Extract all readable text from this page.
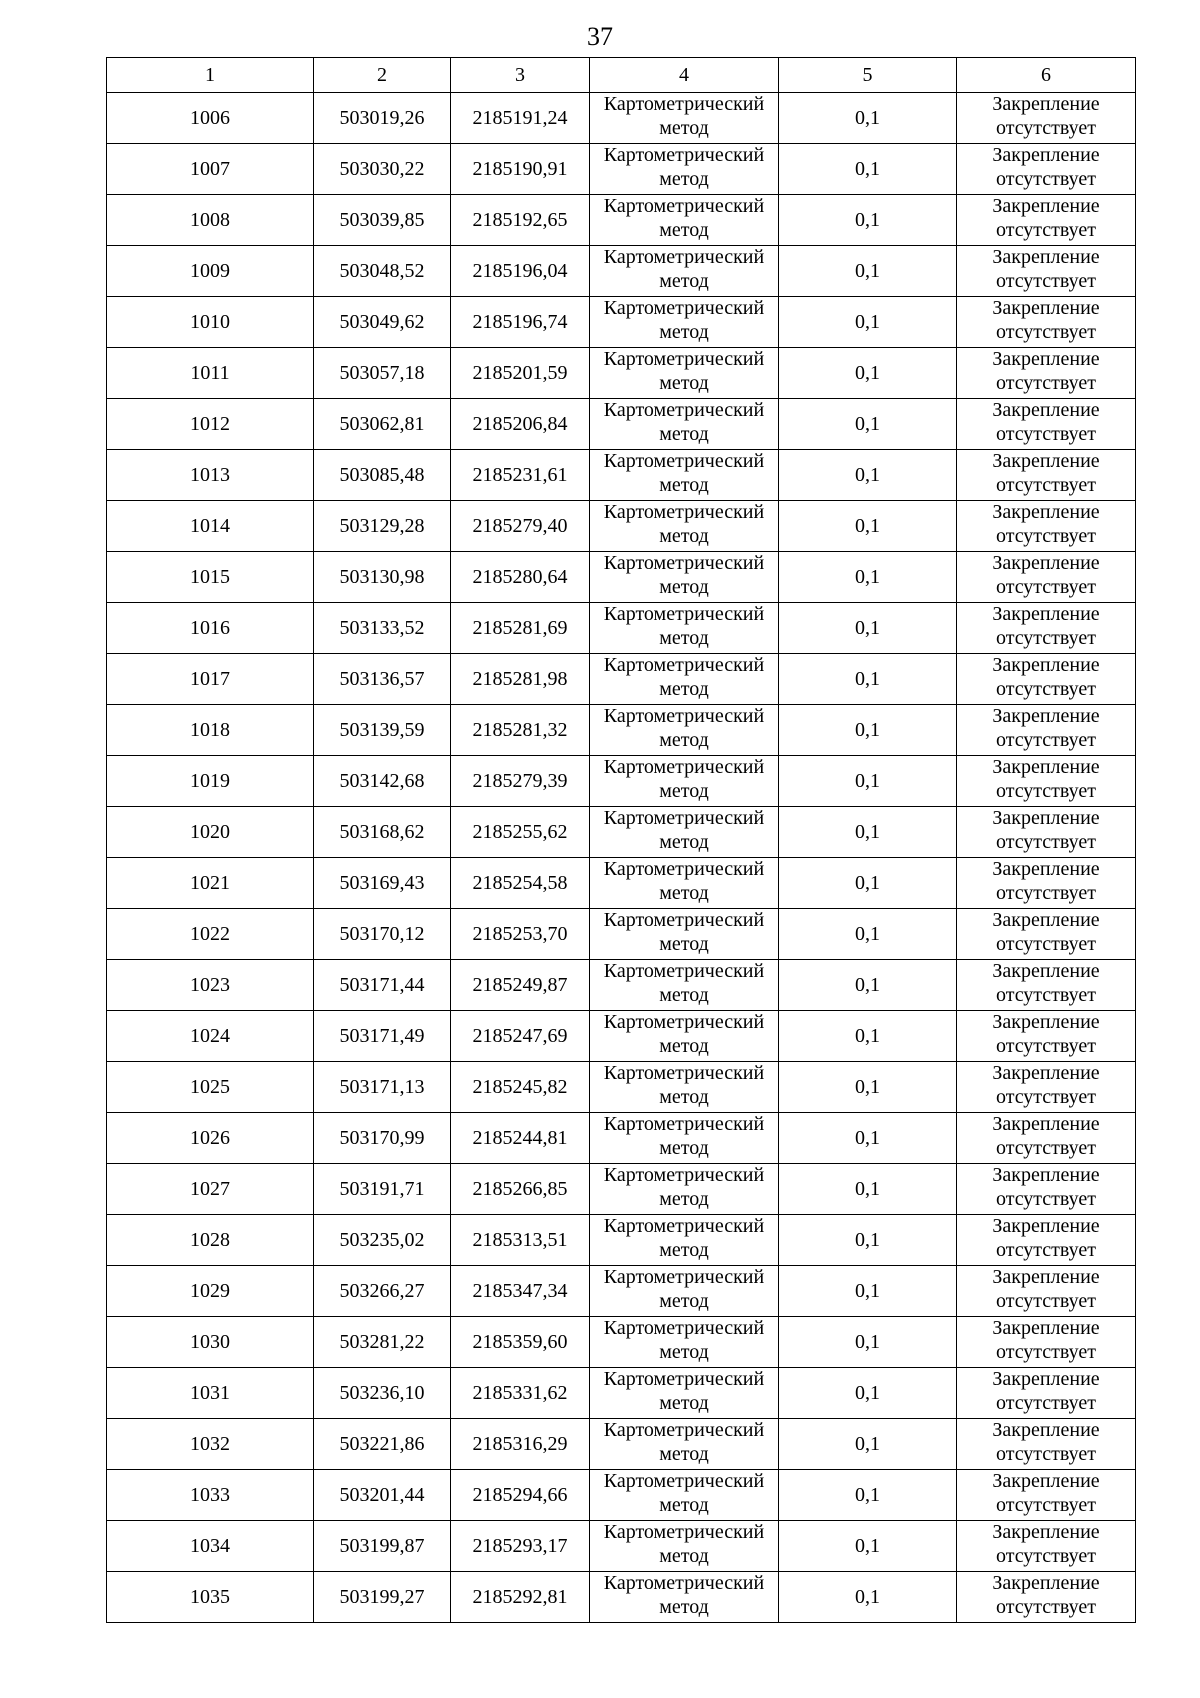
37
1	2	3	4	5	6
1006	503019,26	2185191,24	Картометрический
метод	0,1	Закрепление
отсутствует

1007	503030,22	2185190,91	Картометрический
метод	0,1	Закрепление
отсутствует

1008	503039,85	2185192,65	Картометрический
метод	0,1	Закрепление
отсутствует

1009	503048,52	2185196,04	Картометрический
метод	0,1	Закрепление
отсутствует

1010	503049,62	2185196,74	Картометрический
метод	0,1	Закрепление
отсутствует

1011	503057,18	2185201,59	Картометрический
метод	0,1	Закрепление
отсутствует

1012	503062,81	2185206,84	Картометрический
метод	0,1	Закрепление
отсутствует

1013	503085,48	2185231,61	Картометрический
метод	0,1	Закрепление
отсутствует

1014	503129,28	2185279,40	Картометрический
метод	0,1	Закрепление
отсутствует

1015	503130,98	2185280,64	Картометрический
метод	0,1	Закрепление
отсутствует

1016	503133,52	2185281,69	Картометрический
метод	0,1	Закрепление
отсутствует

1017	503136,57	2185281,98	Картометрический
метод	0,1	Закрепление
отсутствует

1018	503139,59	2185281,32	Картометрический
метод	0,1	Закрепление
отсутствует

1019	503142,68	2185279,39	Картометрический
метод	0,1	Закрепление
отсутствует

1020	503168,62	2185255,62	Картометрический
метод	0,1	Закрепление
отсутствует

1021	503169,43	2185254,58	Картометрический
метод	0,1	Закрепление
отсутствует

1022	503170,12	2185253,70	Картометрический
метод	0,1	Закрепление
отсутствует

1023	503171,44	2185249,87	Картометрический
метод	0,1	Закрепление
отсутствует

1024	503171,49	2185247,69	Картометрический
метод	0,1	Закрепление
отсутствует

1025	503171,13	2185245,82	Картометрический
метод	0,1	Закрепление
отсутствует

1026	503170,99	2185244,81	Картометрический
метод	0,1	Закрепление
отсутствует

1027	503191,71	2185266,85	Картометрический
метод	0,1	Закрепление
отсутствует

1028	503235,02	2185313,51	Картометрический
метод	0,1	Закрепление
отсутствует

1029	503266,27	2185347,34	Картометрический
метод	0,1	Закрепление
отсутствует

1030	503281,22	2185359,60	Картометрический
метод	0,1	Закрепление
отсутствует

1031	503236,10	2185331,62	Картометрический
метод	0,1	Закрепление
отсутствует

1032	503221,86	2185316,29	Картометрический
метод	0,1	Закрепление
отсутствует

1033	503201,44	2185294,66	Картометрический
метод	0,1	Закрепление
отсутствует

1034	503199,87	2185293,17	Картометрический
метод	0,1	Закрепление
отсутствует

1035	503199,27	2185292,81	Картометрический
метод	0,1	Закрепление
отсутствует
